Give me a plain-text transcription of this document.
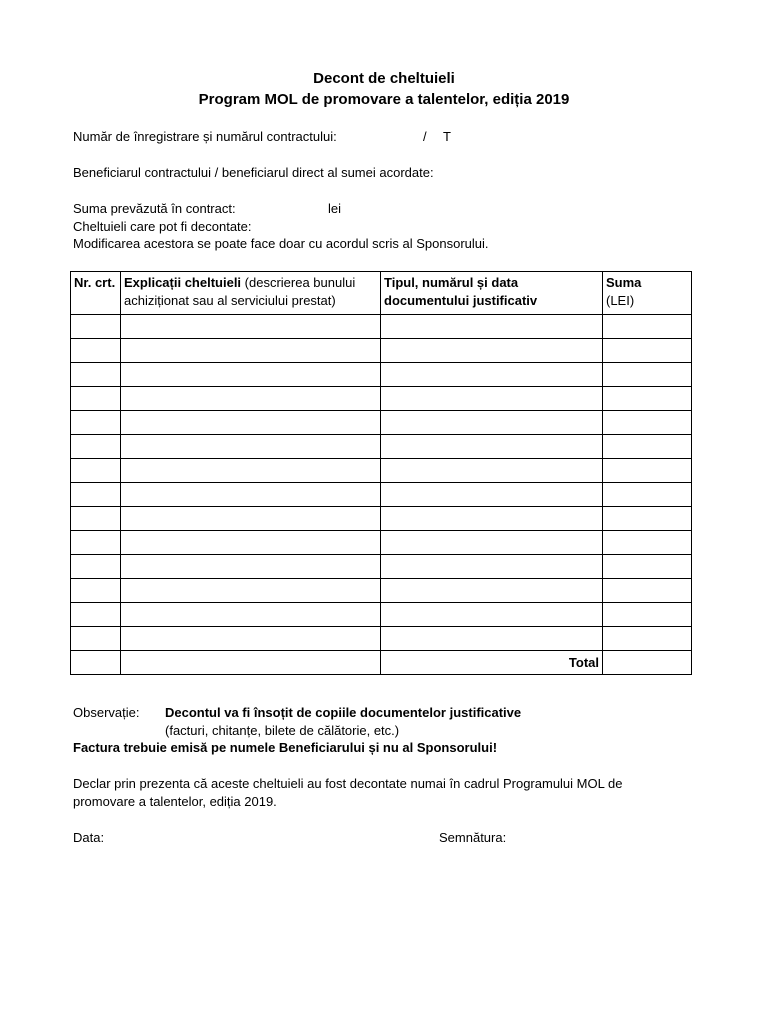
Decont de cheltuieli
Program MOL de promovare a talentelor, ediția 2019
Număr de înregistrare și numărul contractului:	/ T
Beneficiarul contractului / beneficiarul direct al sumei acordate:
Suma prevăzută în contract:	lei
Cheltuieli care pot fi decontate:
Modificarea acestora se poate face doar cu acordul scris al Sponsorului.
Nr. crt.	Explicații cheltuieli (descrierea bunului achiziționat sau al serviciului prestat)	Tipul, numărul și data documentului justificativ	Suma
(LEI)

		Total	
Observație: Decontul va fi însoțit de copiile documentelor justificative
(facturi, chitanțe, bilete de călătorie, etc.)
Factura trebuie emisă pe numele Beneficiarului și nu al Sponsorului!
Declar prin prezenta că aceste cheltuieli au fost decontate numai în cadrul Programului MOL de
promovare a talentelor, ediția 2019.
Data:	Semnătura:
